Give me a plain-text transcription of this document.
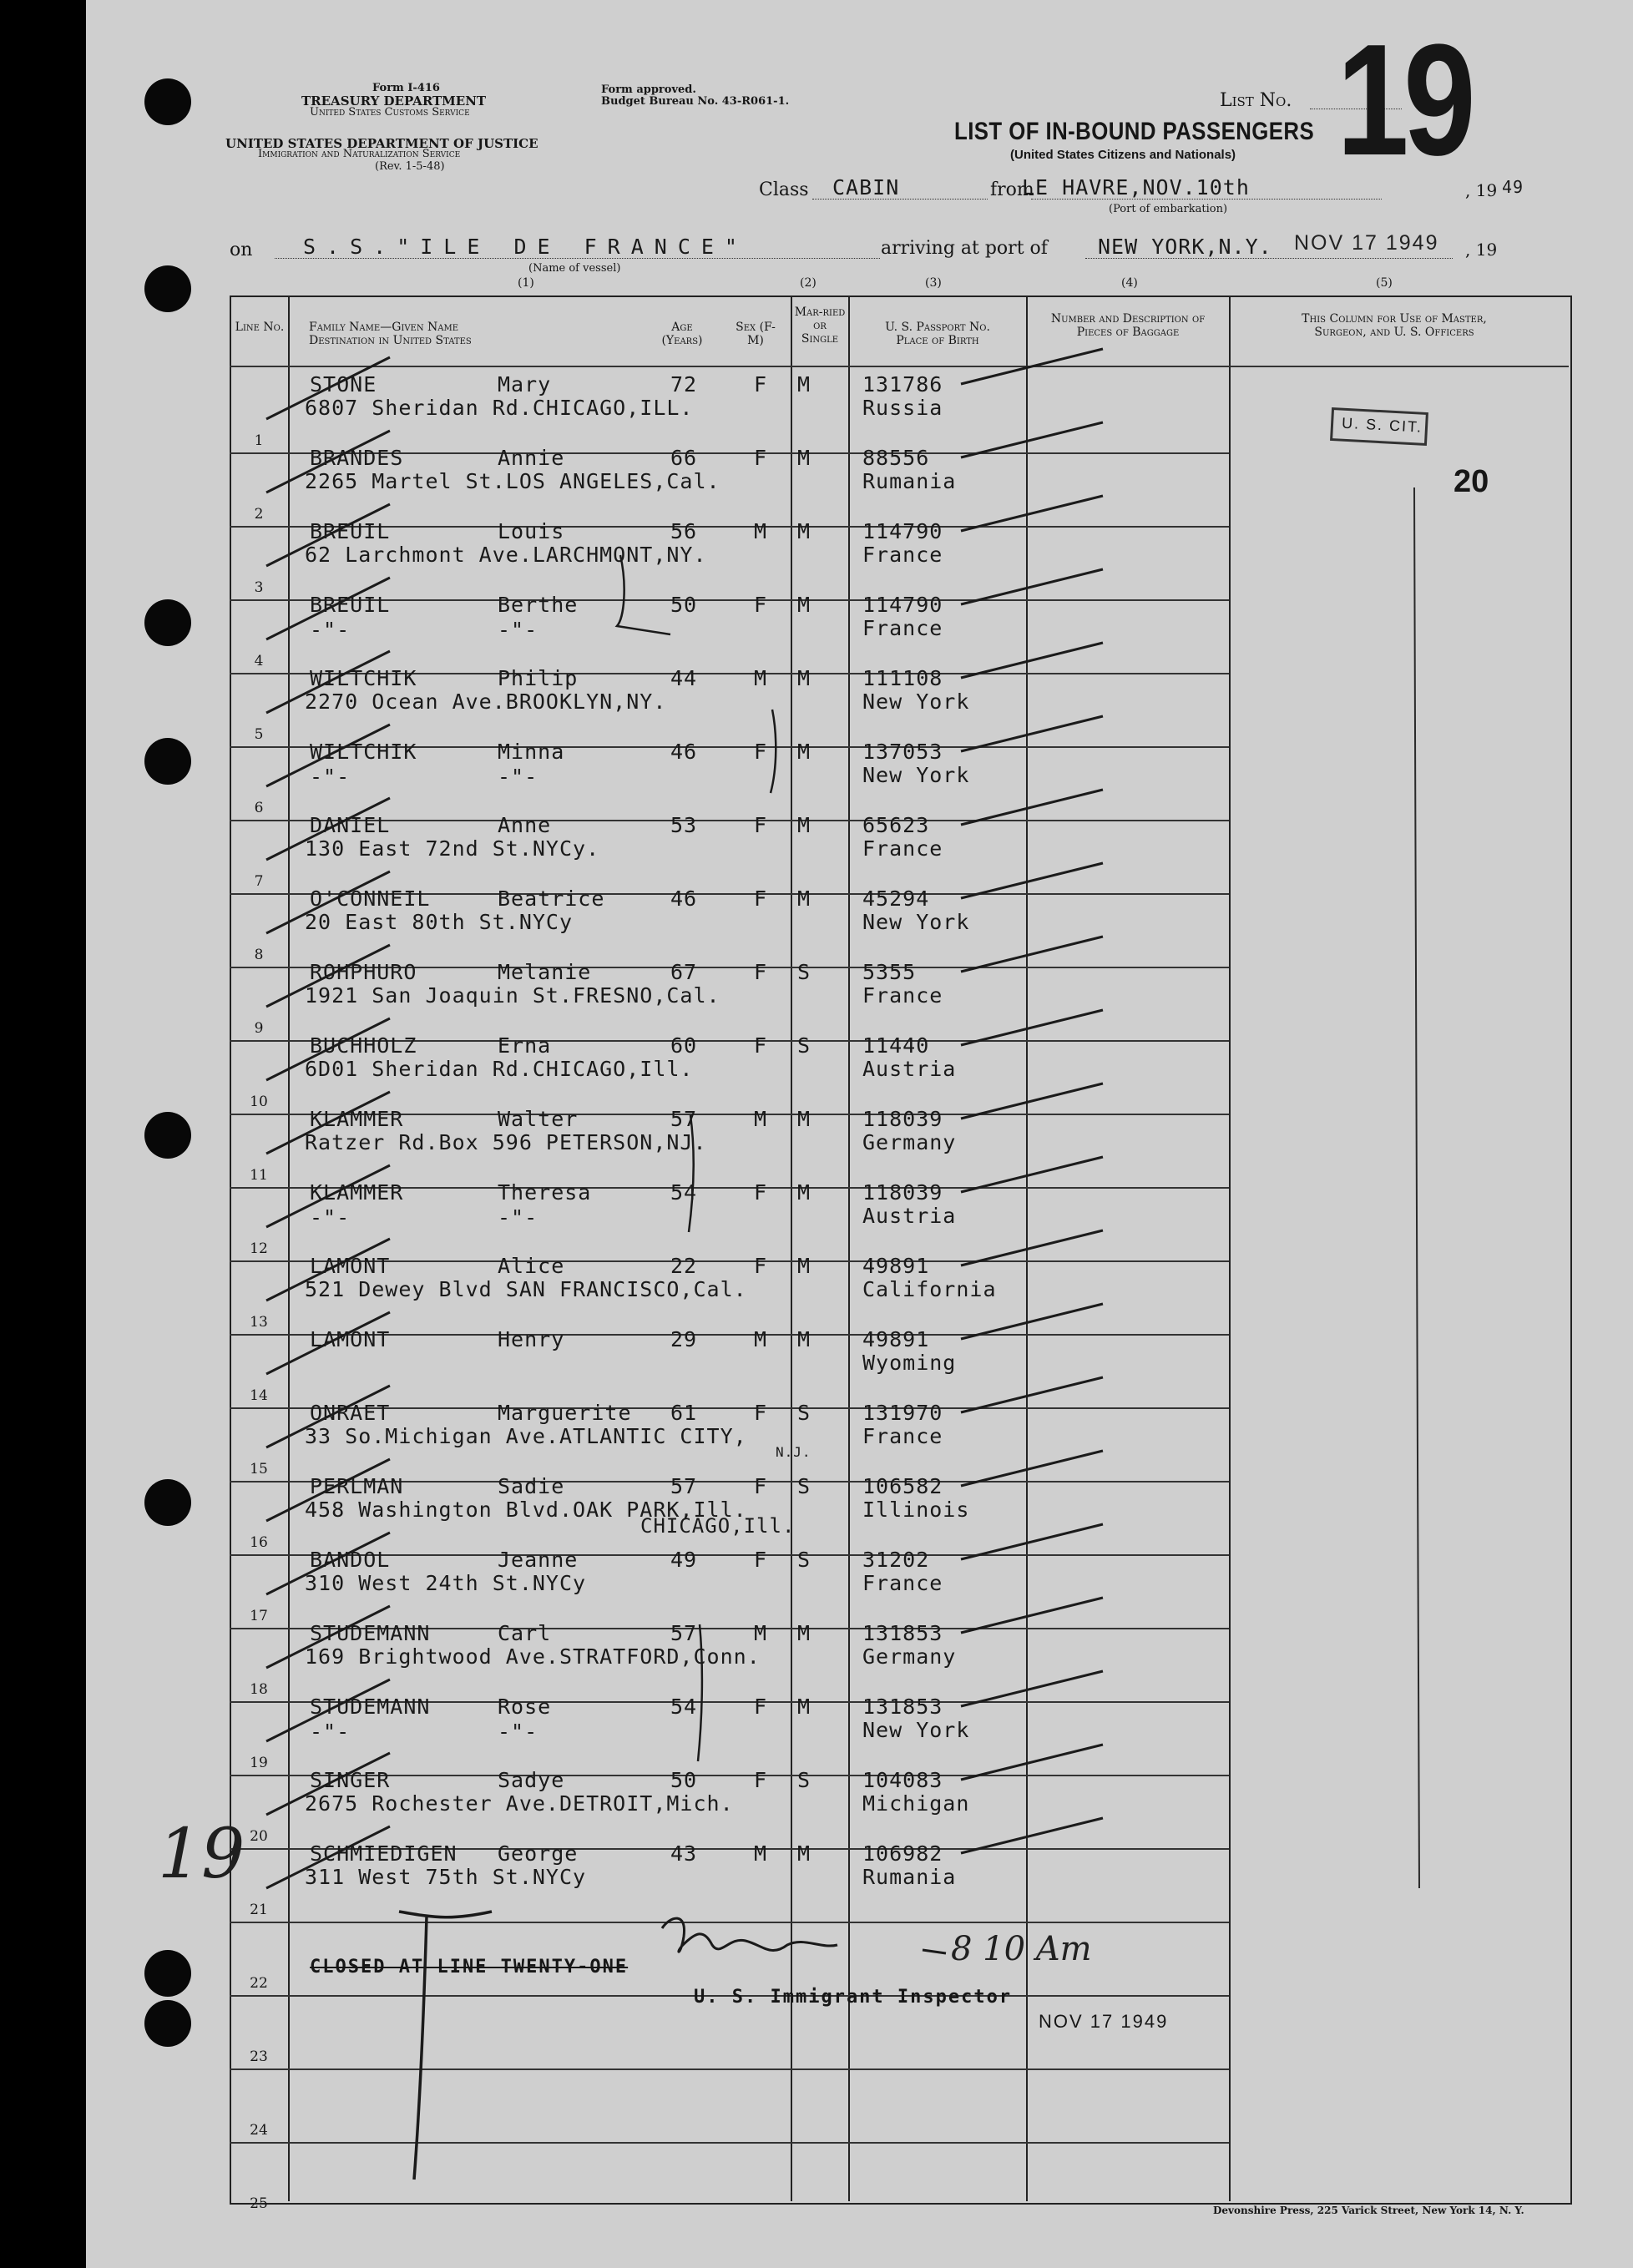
Form I-416
TREASURY DEPARTMENT
United States Customs Service
UNITED STATES DEPARTMENT OF JUSTICE
Immigration and Naturalization Service
(Rev. 1-5-48)
Form approved.
Budget Bureau No. 43-R061-1.	List No. 19
LIST OF IN-BOUND PASSENGERS
(United States Citizens and Nationals)
Class CABIN	from
LE HAVRE,NOV.10th
(Port of embarkation)
, 19 49
on S.S."ILE DE FRANCE"
(Name of vessel)
arriving at port of NEW YORK,N.Y. NOV 17 1949 , 19
(1)	(2)	(3)	(4)	(5)
Line No. Family Name—Given Name
Destination in United States
Age (Years)
Sex (F-M)
Mar-ried or Single
U. S. Passport No.
Place of Birth
Number and Description of Pieces of Baggage
This Column for Use of Master, Surgeon, and U. S. Officers
1
STONE	Mary	72	F M 131786
Russia
6807 Sheridan Rd.CHICAGO,ILL.
2
BRANDES	Annie	66	F M 88556
Rumania
2265 Martel St.LOS ANGELES,Cal.
3
BREUIL	Louis	56	M M 114790
France
62 Larchmont Ave.LARCHMONT,NY.
4
BREUIL	Berthe	50	F M 114790
France
-"-
-"-
5
WILTCHIK	Philip	44	M M 111108
New York
2270 Ocean Ave.BROOKLYN,NY.
6
WILTCHIK	Minna	46	F M 137053
New York
-"-
-"-
7
DANIEL	Anne	53	F M 65623
France
130 East 72nd St.NYCy.
8
O'CONNEIL	Beatrice	46	F M 45294
New York
20 East 80th St.NYCy
9
ROHPHURO	Melanie	67	F S 5355
France
1921 San Joaquin St.FRESNO,Cal.
10
BUCHHOLZ	Erna	60	F S 11440
Austria
6D01 Sheridan Rd.CHICAGO,Ill.
11
KLAMMER	Walter	57	M M 118039
Germany
Ratzer Rd.Box 596 PETERSON,NJ.
12
KLAMMER	Theresa	54	F M 118039
Austria
-"-
-"-
13
LAMONT	Alice	22	F M 49891
California
521 Dewey Blvd SAN FRANCISCO,Cal.
14
LAMONT	Henry	29	M M 49891
Wyoming
15
ONRAET	Marguerite 61	F S 131970
France
33 So.Michigan Ave.ATLANTIC CITY,
N.J.
16
PERLMAN	Sadie	57	F S 106582
Illinois
458 Washington Blvd.OAK PARK,Ill.
CHICAGO,Ill.
17
BANDOL	Jeanne	49	F S 31202
France
310 West 24th St.NYCy
18
STUDEMANN	Carl	57	M M 131853
Germany
169 Brightwood Ave.STRATFORD,Conn.
19
STUDEMANN	Rose	54	F M 131853
New York
-"-
-"-
20
SINGER	Sadye	50	F S 104083
Michigan
2675 Rochester Ave.DETROIT,Mich.
21
SCHMIEDIGEN George	43	M M 106982
Rumania
311 West 75th St.NYCy
22
23
24
25
U. S. CIT.
20
19
CLOSED AT LINE TWENTY-ONE
U. S. Immigrant Inspector
NOV 17 1949
8 10 Am
Devonshire Press, 225 Varick Street, New York 14, N. Y.
